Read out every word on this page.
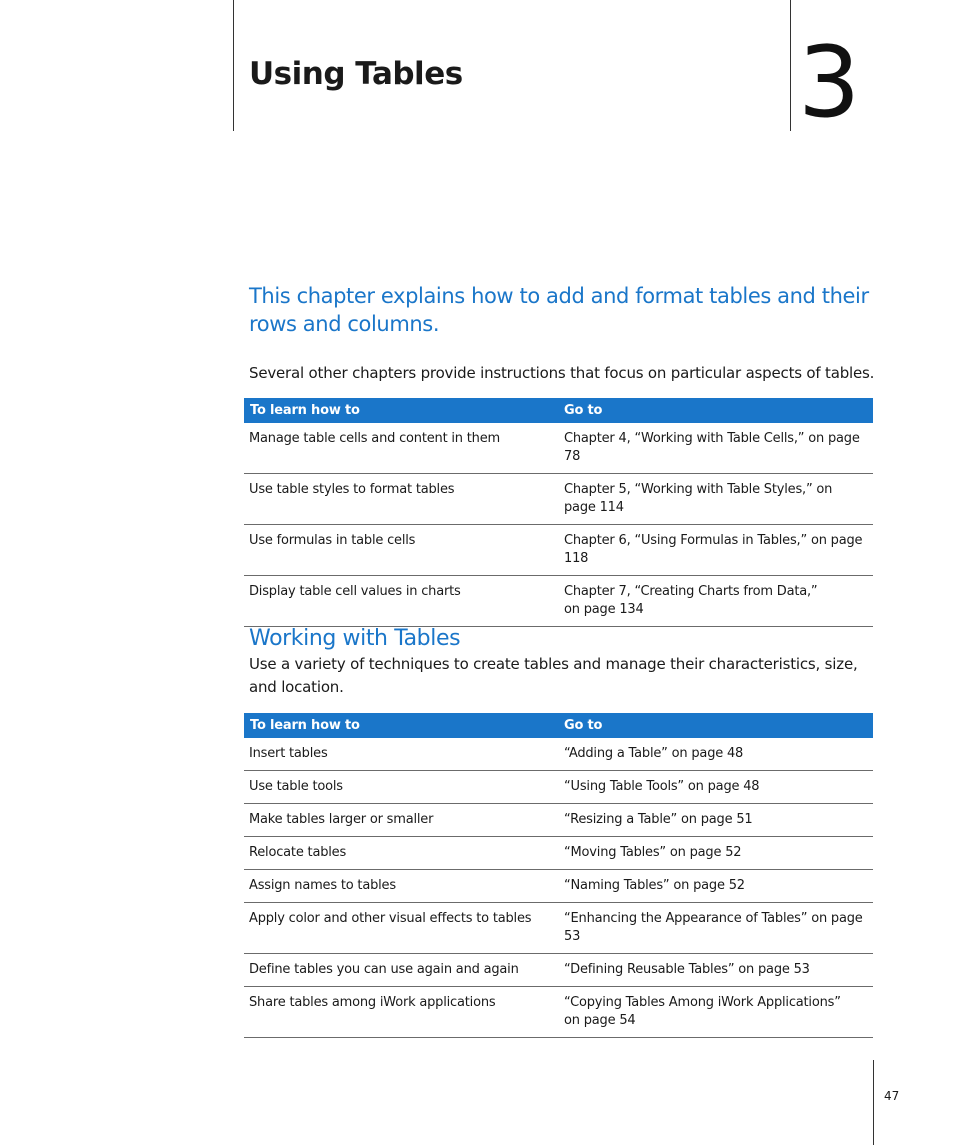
Using Tables	3
This chapter explains how to add and format tables and their rows and columns.

Several other chapters provide instructions that focus on particular aspects of tables.

To learn how to	Go to
Manage table cells and content in them	Chapter 4, “Working with Table Cells,” on page 78
Use table styles to format tables	Chapter 5, “Working with Table Styles,” on page 114
Use formulas in table cells	Chapter 6, “Using Formulas in Tables,” on page 118
Display table cell values in charts	Chapter 7, “Creating Charts from Data,” on page 134
Working with Tables

Use a variety of techniques to create tables and manage their characteristics, size, and location.

To learn how to	Go to
Insert tables	“Adding a Table” on page 48
Use table tools	“Using Table Tools” on page 48
Make tables larger or smaller	“Resizing a Table” on page 51
Relocate tables	“Moving Tables” on page 52
Assign names to tables	“Naming Tables” on page 52
Apply color and other visual effects to tables	“Enhancing the Appearance of Tables” on page 53
Define tables you can use again and again	“Defining Reusable Tables” on page 53
Share tables among iWork applications	“Copying Tables Among iWork Applications” on page 54
47
